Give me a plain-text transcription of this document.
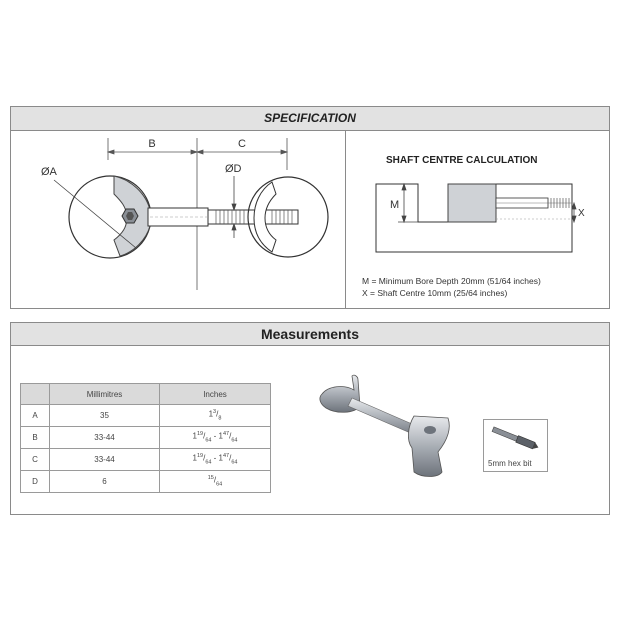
SPECIFICATION
B	C
ØA	ØD
SHAFT CENTRE CALCULATION
M
X
M = Minimum Bore Depth 20mm (51/64 inches)
X = Shaft Centre 10mm (25/64 inches)
Measurements
	Millimitres	Inches
A	35	$1^3/_8$
B	33-44	$1^{19}/_{64} - 1^{47}/_{64}$
C	33-44	$1^{19}/_{64} - 1^{47}/_{64}$
D	6	$^{15}/_{64}$
5mm hex bit
